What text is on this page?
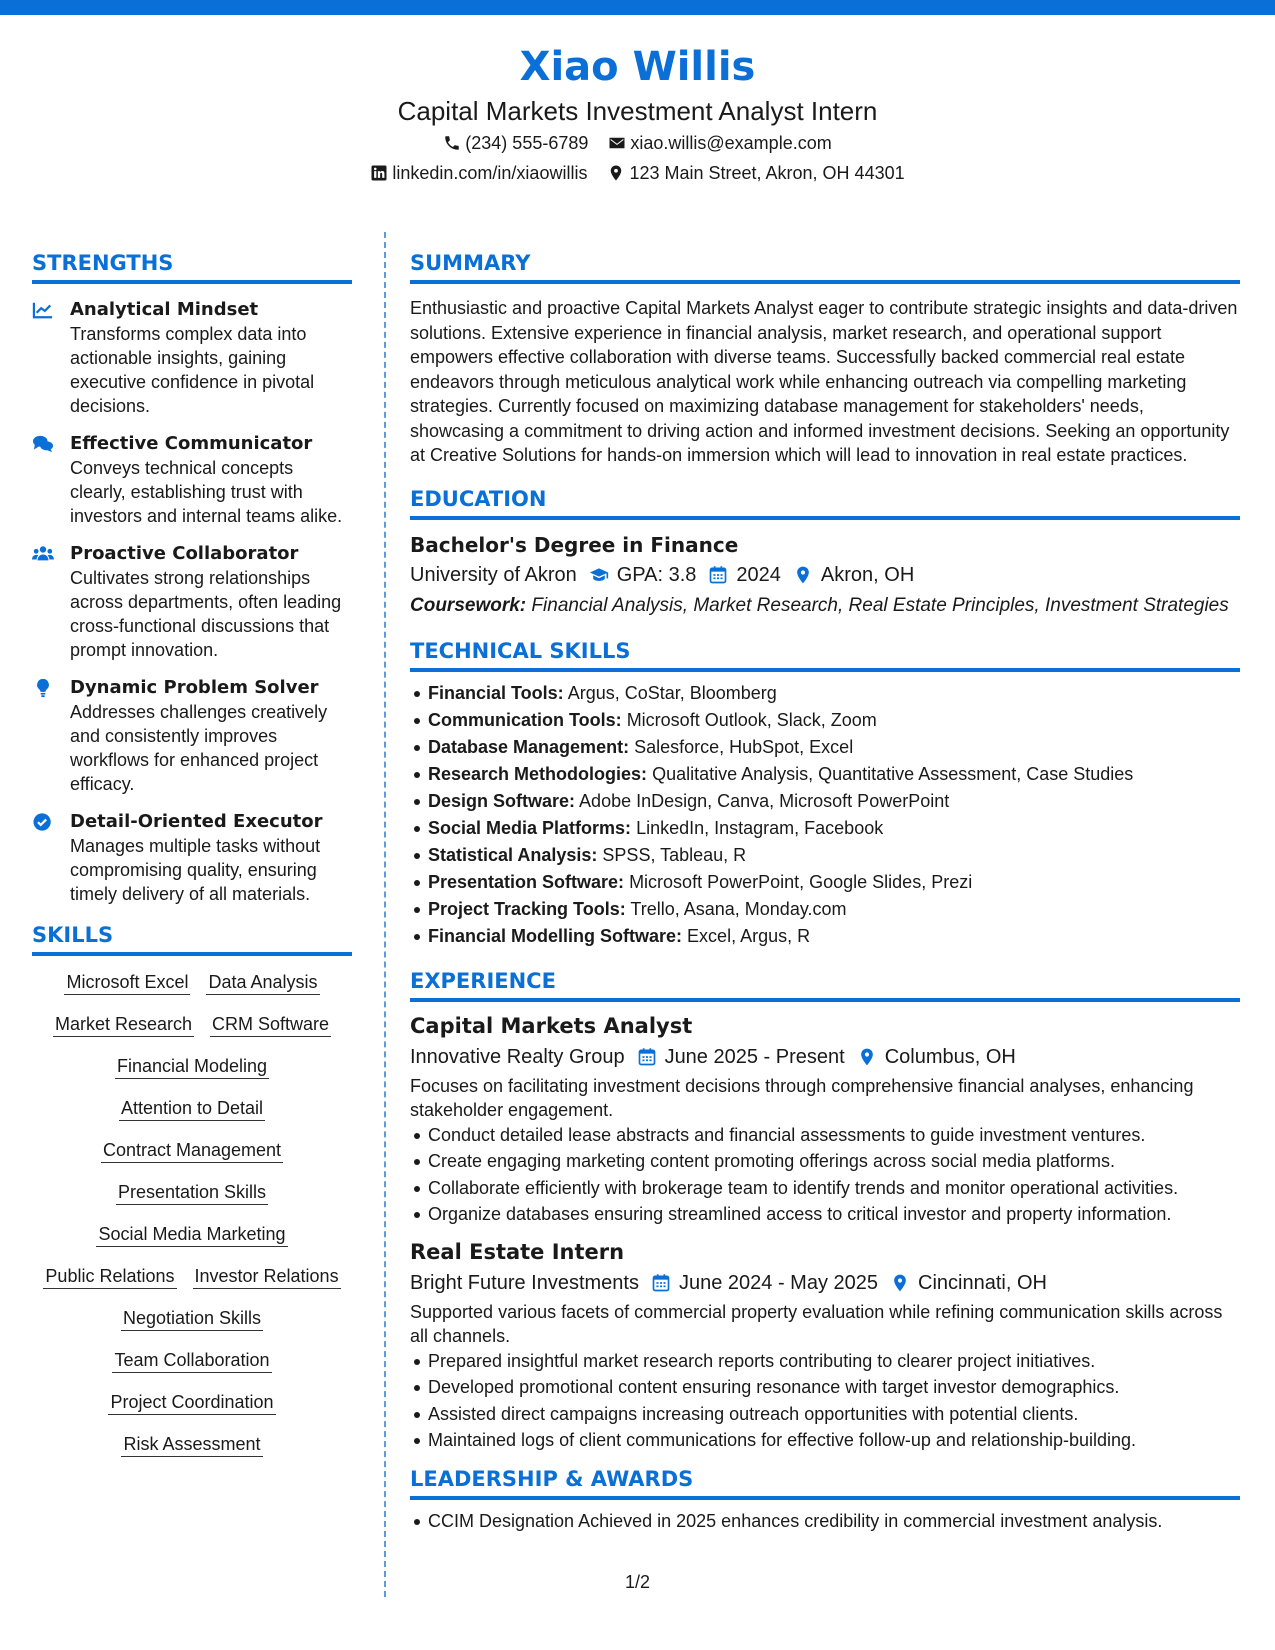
Xiao Willis
Capital Markets Investment Analyst Intern
(234) 555-6789 xiao.willis@example.com
linkedin.com/in/xiaowillis 123 Main Street, Akron, OH 44301
STRENGTHS
Analytical Mindset
Transforms complex data into actionable insights, gaining executive confidence in pivotal decisions.
Effective Communicator
Conveys technical concepts clearly, establishing trust with investors and internal teams alike.
Proactive Collaborator
Cultivates strong relationships across departments, often leading cross-functional discussions that prompt innovation.
Dynamic Problem Solver
Addresses challenges creatively and consistently improves workflows for enhanced project efficacy.
Detail-Oriented Executor
Manages multiple tasks without compromising quality, ensuring timely delivery of all materials.
SKILLS
Microsoft Excel Data Analysis
Market Research CRM Software
Financial Modeling
Attention to Detail
Contract Management
Presentation Skills
Social Media Marketing
Public Relations Investor Relations
Negotiation Skills
Team Collaboration
Project Coordination
Risk Assessment
SUMMARY

Enthusiastic and proactive Capital Markets Analyst eager to contribute strategic insights and data-driven solutions. Extensive experience in financial analysis, market research, and operational support empowers effective collaboration with diverse teams. Successfully backed commercial real estate endeavors through meticulous analytical work while enhancing outreach via compelling marketing strategies. Currently focused on maximizing database management for stakeholders' needs, showcasing a commitment to driving action and informed investment decisions. Seeking an opportunity at Creative Solutions for hands-on immersion which will lead to innovation in real estate practices.

EDUCATION
Bachelor's Degree in Finance
University of Akron GPA: 3.8 2024 Akron, OH
Coursework: Financial Analysis, Market Research, Real Estate Principles, Investment Strategies
TECHNICAL SKILLS
Financial Tools: Argus, CoStar, Bloomberg
Communication Tools: Microsoft Outlook, Slack, Zoom
Database Management: Salesforce, HubSpot, Excel
Research Methodologies: Qualitative Analysis, Quantitative Assessment, Case Studies
Design Software: Adobe InDesign, Canva, Microsoft PowerPoint
Social Media Platforms: LinkedIn, Instagram, Facebook
Statistical Analysis: SPSS, Tableau, R
Presentation Software: Microsoft PowerPoint, Google Slides, Prezi
Project Tracking Tools: Trello, Asana, Monday.com
Financial Modelling Software: Excel, Argus, R
EXPERIENCE
Capital Markets Analyst
Innovative Realty Group June 2025 - Present Columbus, OH
Focuses on facilitating investment decisions through comprehensive financial analyses, enhancing stakeholder engagement.
Conduct detailed lease abstracts and financial assessments to guide investment ventures.
Create engaging marketing content promoting offerings across social media platforms.
Collaborate efficiently with brokerage team to identify trends and monitor operational activities.
Organize databases ensuring streamlined access to critical investor and property information.
Real Estate Intern
Bright Future Investments June 2024 - May 2025 Cincinnati, OH
Supported various facets of commercial property evaluation while refining communication skills across all channels.
Prepared insightful market research reports contributing to clearer project initiatives.
Developed promotional content ensuring resonance with target investor demographics.
Assisted direct campaigns increasing outreach opportunities with potential clients.
Maintained logs of client communications for effective follow-up and relationship-building.
LEADERSHIP & AWARDS
CCIM Designation Achieved in 2025 enhances credibility in commercial investment analysis.
1/2
